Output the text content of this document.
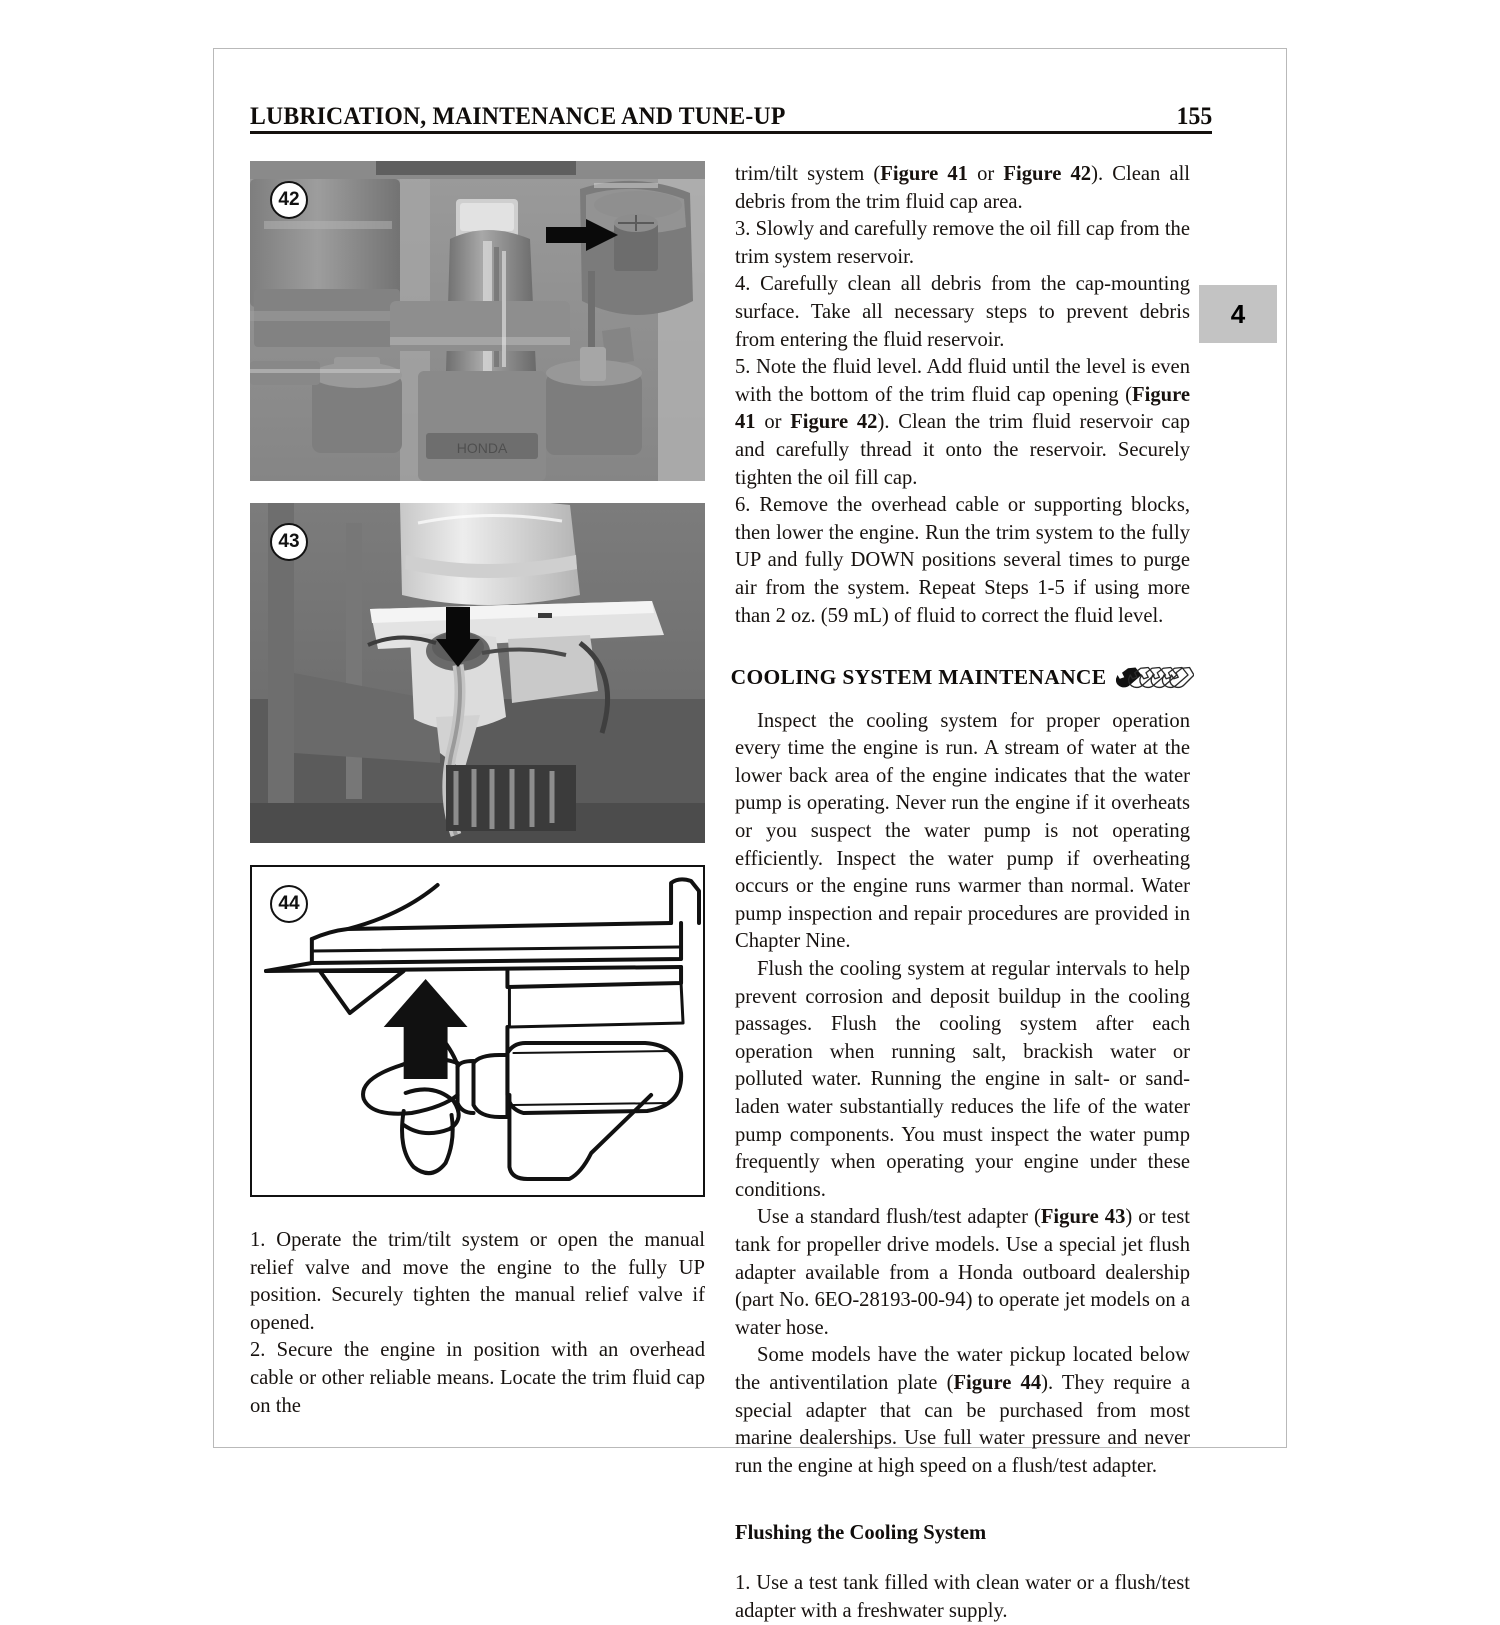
LUBRICATION, MAINTENANCE AND TUNE-UP	155
4
42
HONDA
43
44

1. Operate the trim/tilt system or open the manual relief valve and move the engine to the fully UP position. Securely tighten the manual relief valve if opened.

2. Secure the engine in position with an overhead cable or other reliable means. Locate the trim fluid cap on the

trim/tilt system (Figure 41 or Figure 42). Clean all debris from the trim fluid cap area.

3. Slowly and carefully remove the oil fill cap from the trim system reservoir.

4. Carefully clean all debris from the cap-mounting surface. Take all necessary steps to prevent debris from entering the fluid reservoir.

5. Note the fluid level. Add fluid until the level is even with the bottom of the trim fluid cap opening (Figure 41 or Figure 42). Clean the trim fluid reservoir cap and carefully thread it onto the reservoir. Securely tighten the oil fill cap.

6. Remove the overhead cable or supporting blocks, then lower the engine. Run the trim system to the fully UP and fully DOWN positions several times to purge air from the system. Repeat Steps 1-5 if using more than 2 oz. (59 mL) of fluid to correct the fluid level.

COOLING SYSTEM MAINTENANCE

Inspect the cooling system for proper operation every time the engine is run. A stream of water at the lower back area of the engine indicates that the water pump is operating. Never run the engine if it overheats or you suspect the water pump is not operating efficiently. Inspect the water pump if overheating occurs or the engine runs warmer than normal. Water pump inspection and repair procedures are provided in Chapter Nine.

Flush the cooling system at regular intervals to help prevent corrosion and deposit buildup in the cooling passages. Flush the cooling system after each operation when running salt, brackish water or polluted water. Running the engine in salt- or sand-laden water substantially reduces the life of the water pump components. You must inspect the water pump frequently when operating your engine under these conditions.

Use a standard flush/test adapter (Figure 43) or test tank for propeller drive models. Use a special jet flush adapter available from a Honda outboard dealership (part No. 6EO-28193-00-94) to operate jet models on a water hose.

Some models have the water pickup located below the antiventilation plate (Figure 44). They require a special adapter that can be purchased from most marine dealerships. Use full water pressure and never run the engine at high speed on a flush/test adapter.

Flushing the Cooling System

1. Use a test tank filled with clean water or a flush/test adapter with a freshwater supply.
